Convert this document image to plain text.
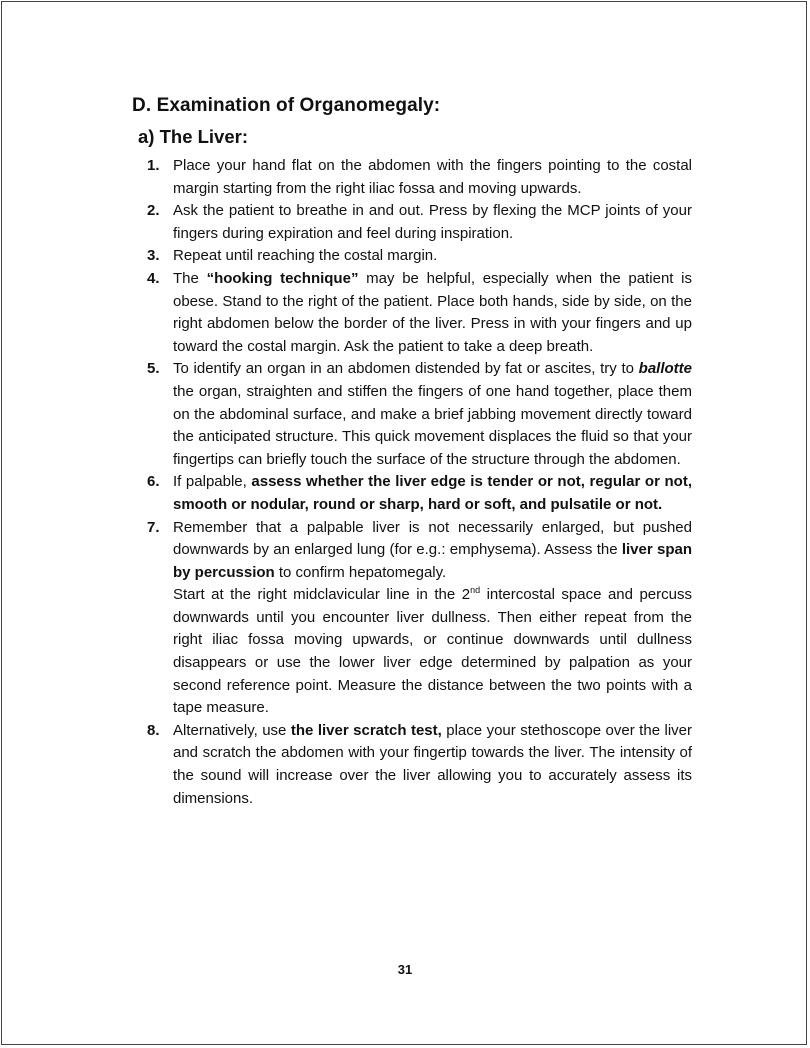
D. Examination of Organomegaly:
a) The Liver:
1. Place your hand flat on the abdomen with the fingers pointing to the costal margin starting from the right iliac fossa and moving upwards.
2. Ask the patient to breathe in and out. Press by flexing the MCP joints of your fingers during expiration and feel during inspiration.
3. Repeat until reaching the costal margin.
4. The “hooking technique” may be helpful, especially when the patient is obese. Stand to the right of the patient. Place both hands, side by side, on the right abdomen below the border of the liver. Press in with your fingers and up toward the costal margin. Ask the patient to take a deep breath.
5. To identify an organ in an abdomen distended by fat or ascites, try to ballotte the organ, straighten and stiffen the fingers of one hand together, place them on the abdominal surface, and make a brief jabbing movement directly toward the anticipated structure. This quick movement displaces the fluid so that your fingertips can briefly touch the surface of the structure through the abdomen.
6. If palpable, assess whether the liver edge is tender or not, regular or not, smooth or nodular, round or sharp, hard or soft, and pulsatile or not.
7. Remember that a palpable liver is not necessarily enlarged, but pushed downwards by an enlarged lung (for e.g.: emphysema). Assess the liver span by percussion to confirm hepatomegaly.
Start at the right midclavicular line in the 2nd intercostal space and percuss downwards until you encounter liver dullness. Then either repeat from the right iliac fossa moving upwards, or continue downwards until dullness disappears or use the lower liver edge determined by palpation as your second reference point. Measure the distance between the two points with a tape measure.
8. Alternatively, use the liver scratch test, place your stethoscope over the liver and scratch the abdomen with your fingertip towards the liver. The intensity of the sound will increase over the liver allowing you to accurately assess its dimensions.
31
